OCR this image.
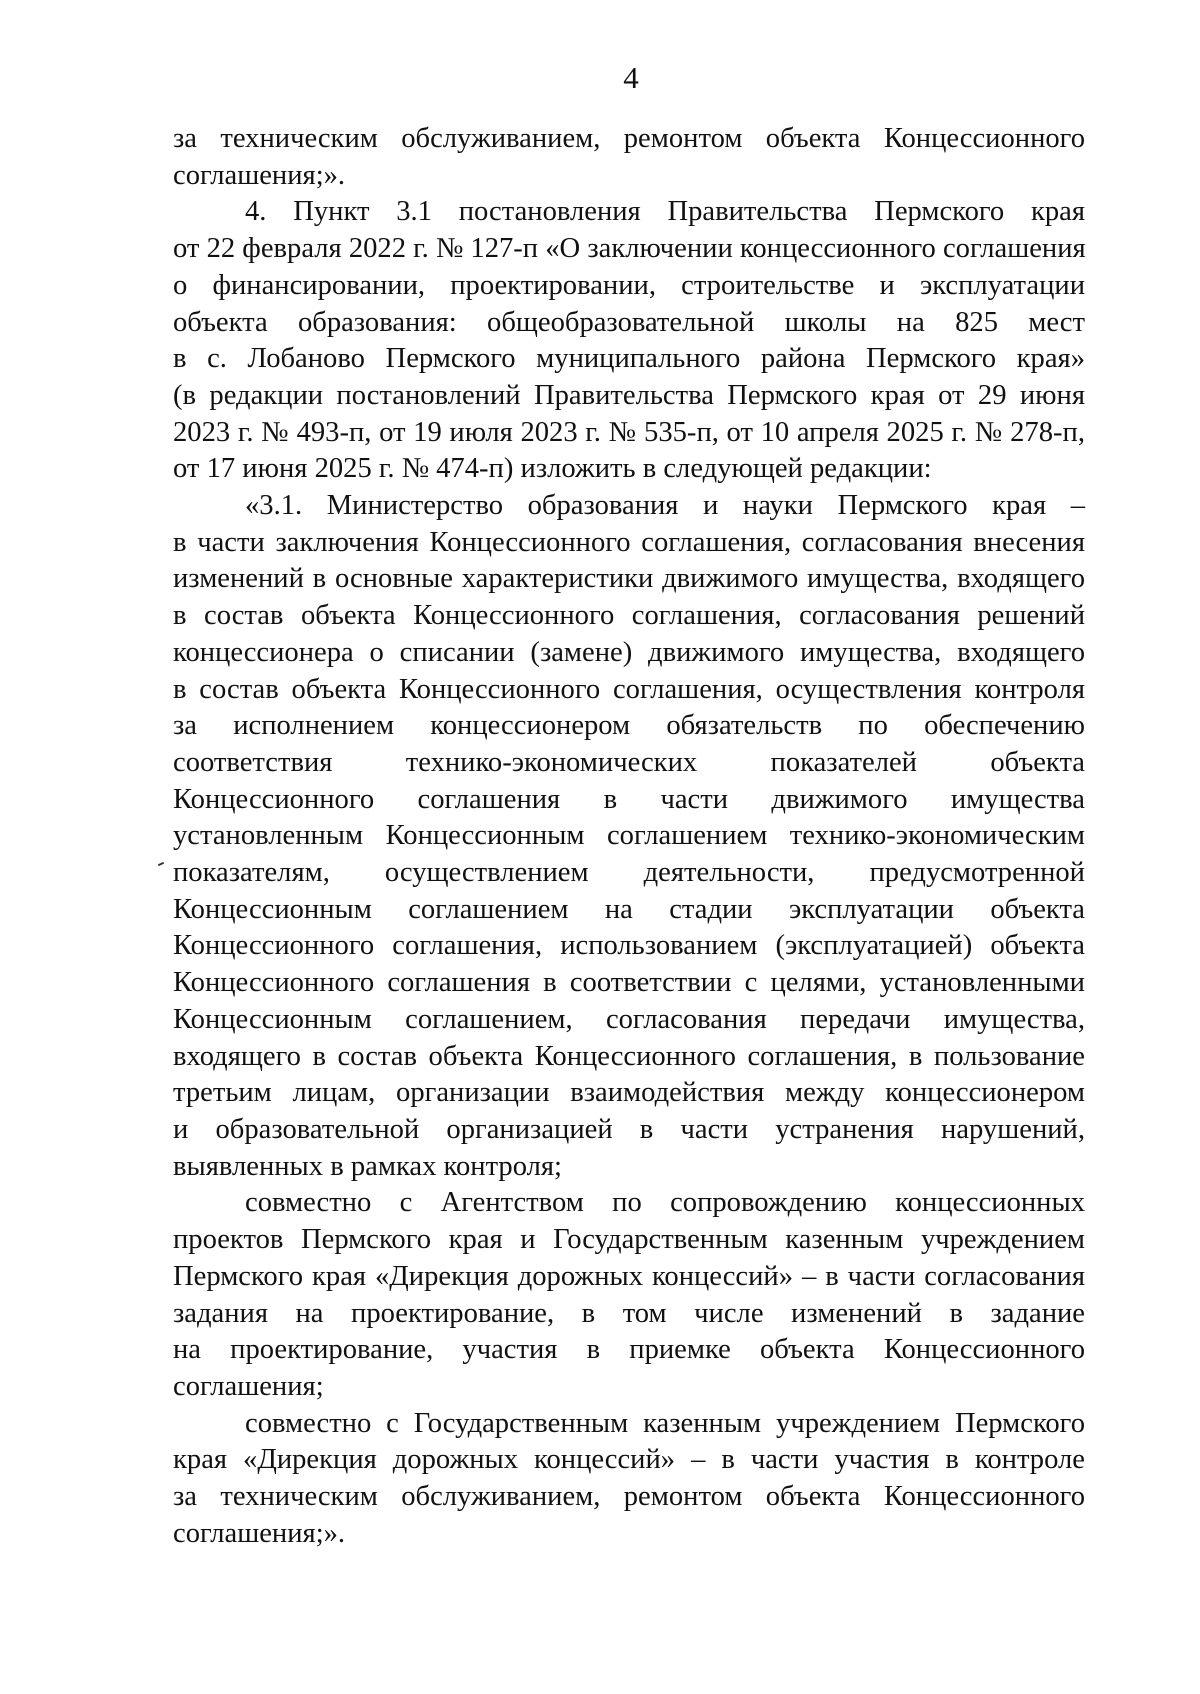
4
за техническим обслуживанием, ремонтом объекта Концессионного
соглашения;».
4. Пункт 3.1 постановления Правительства Пермского края
от 22 февраля 2022 г. № 127-п «О заключении концессионного соглашения
о финансировании, проектировании, строительстве и эксплуатации
объекта образования: общеобразовательной школы на 825 мест
в с. Лобаново Пермского муниципального района Пермского края»
(в редакции постановлений Правительства Пермского края от 29 июня
2023 г. № 493-п, от 19 июля 2023 г. № 535-п, от 10 апреля 2025 г. № 278-п,
от 17 июня 2025 г. № 474-п) изложить в следующей редакции:
«3.1. Министерство образования и науки Пермского края –
в части заключения Концессионного соглашения, согласования внесения
изменений в основные характеристики движимого имущества, входящего
в состав объекта Концессионного соглашения, согласования решений
концессионера о списании (замене) движимого имущества, входящего
в состав объекта Концессионного соглашения, осуществления контроля
за исполнением концессионером обязательств по обеспечению
соответствия технико-экономических показателей объекта
Концессионного соглашения в части движимого имущества
установленным Концессионным соглашением технико-экономическим
показателям, осуществлением деятельности, предусмотренной
Концессионным соглашением на стадии эксплуатации объекта
Концессионного соглашения, использованием (эксплуатацией) объекта
Концессионного соглашения в соответствии с целями, установленными
Концессионным соглашением, согласования передачи имущества,
входящего в состав объекта Концессионного соглашения, в пользование
третьим лицам, организации взаимодействия между концессионером
и образовательной организацией в части устранения нарушений,
выявленных в рамках контроля;
совместно с Агентством по сопровождению концессионных
проектов Пермского края и Государственным казенным учреждением
Пермского края «Дирекция дорожных концессий» – в части согласования
задания на проектирование, в том числе изменений в задание
на проектирование, участия в приемке объекта Концессионного
соглашения;
совместно с Государственным казенным учреждением Пермского
края «Дирекция дорожных концессий» – в части участия в контроле
за техническим обслуживанием, ремонтом объекта Концессионного
соглашения;».
